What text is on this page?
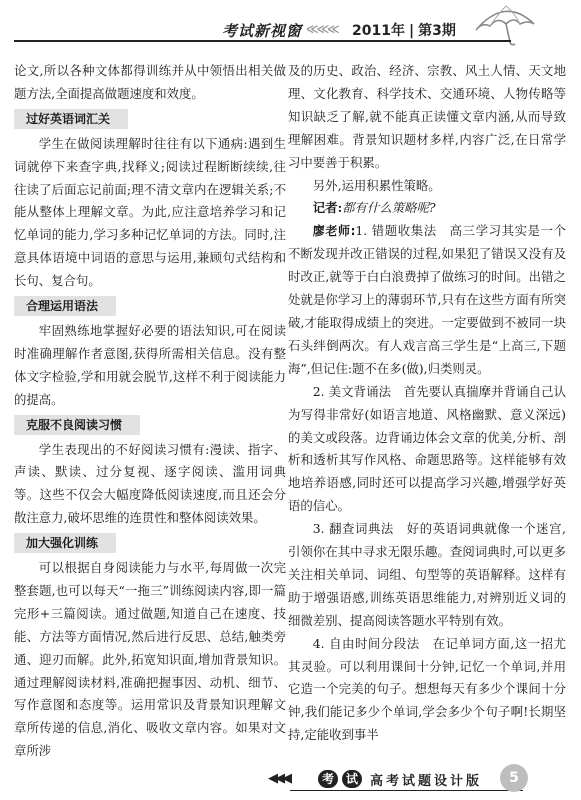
考试新视窗 ≪≪≪ 2011年 | 第3期

论文,所以各种文体都得训练并从中领悟出相关做题方法,全面提高做题速度和效度。

过好英语词汇关

学生在做阅读理解时往往有以下通病:遇到生词就停下来查字典,找释义;阅读过程断断续续,往往读了后面忘记前面;理不清文章内在逻辑关系;不能从整体上理解文章。为此,应注意培养学习和记忆单词的能力,学习多种记忆单词的方法。同时,注意具体语境中词语的意思与运用,兼顾句式结构和长句、复合句。

合理运用语法

牢固熟练地掌握好必要的语法知识,可在阅读时准确理解作者意图,获得所需相关信息。没有整体文字检验,学和用就会脱节,这样不利于阅读能力的提高。

克服不良阅读习惯

学生表现出的不好阅读习惯有:漫读、指字、声读、默读、过分复视、逐字阅读、滥用词典等。这些不仅会大幅度降低阅读速度,而且还会分散注意力,破坏思维的连贯性和整体阅读效果。

加大强化训练

可以根据自身阅读能力与水平,每周做一次完整套题,也可以每天“一拖三”训练阅读内容,即一篇完形+三篇阅读。通过做题,知道自己在速度、技能、方法等方面情况,然后进行反思、总结,触类旁通、迎刃而解。此外,拓宽知识面,增加背景知识。通过理解阅读材料,准确把握事因、动机、细节、写作意图和态度等。运用常识及背景知识理解文章所传递的信息,消化、吸收文章内容。如果对文章所涉

及的历史、政治、经济、宗教、风土人情、天文地理、文化教育、科学技术、交通环境、人物传略等知识缺乏了解,就不能真正读懂文章内涵,从而导致理解困难。背景知识题材多样,内容广泛,在日常学习中要善于积累。

另外,运用积累性策略。

记者:都有什么策略呢?

廖老师:1. 错题收集法　高三学习其实是一个不断发现并改正错误的过程,如果犯了错误又没有及时改正,就等于白白浪费掉了做练习的时间。出错之处就是你学习上的薄弱环节,只有在这些方面有所突破,才能取得成绩上的突进。一定要做到不被同一块石头绊倒两次。有人戏言高三学生是“上高三,下题海”,但记住:题不在多(做),归类则灵。

2. 美文背诵法　首先要认真揣摩并背诵自己认为写得非常好(如语言地道、风格幽默、意义深远)的美文或段落。边背诵边体会文章的优美,分析、剖析和透析其写作风格、命题思路等。这样能够有效地培养语感,同时还可以提高学习兴趣,增强学好英语的信心。

3. 翻查词典法　好的英语词典就像一个迷宫,引领你在其中寻求无限乐趣。查阅词典时,可以更多关注相关单词、词组、句型等的英语解释。这样有助于增强语感,训练英语思维能力,对辨别近义词的细微差别、提高阅读答题水平特别有效。

4. 自由时间分段法　在记单词方面,这一招尤其灵验。可以利用课间十分钟,记忆一个单词,并用它造一个完美的句子。想想每天有多少个课间十分钟,我们能记多少个单词,学会多少个句子啊!长期坚持,定能收到事半

◀◀◀	考 试 高考试题设计版	5
